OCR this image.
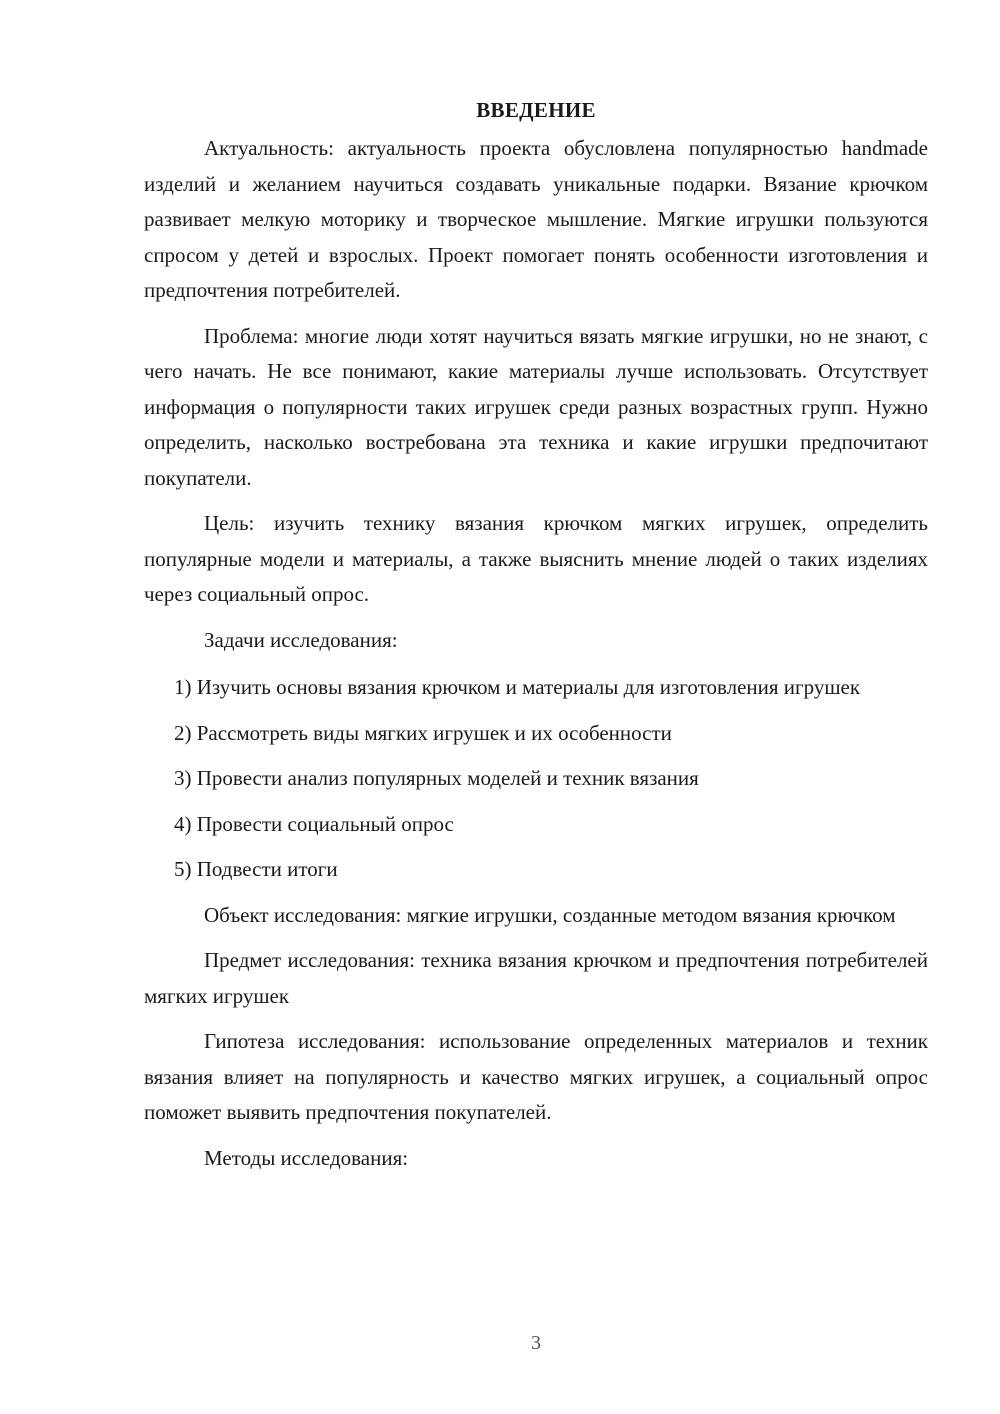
ВВЕДЕНИЕ

Актуальность: актуальность проекта обусловлена популярностью handmade изделий и желанием научиться создавать уникальные подарки. Вязание крючком развивает мелкую моторику и творческое мышление. Мягкие игрушки пользуются спросом у детей и взрослых. Проект помогает понять особенности изготовления и предпочтения потребителей.

Проблема: многие люди хотят научиться вязать мягкие игрушки, но не знают, с чего начать. Не все понимают, какие материалы лучше использовать. Отсутствует информация о популярности таких игрушек среди разных возрастных групп. Нужно определить, насколько востребована эта техника и какие игрушки предпочитают покупатели.

Цель: изучить технику вязания крючком мягких игрушек, определить популярные модели и материалы, а также выяснить мнение людей о таких изделиях через социальный опрос.

Задачи исследования:

1) Изучить основы вязания крючком и материалы для изготовления игрушек

2) Рассмотреть виды мягких игрушек и их особенности

3) Провести анализ популярных моделей и техник вязания

4) Провести социальный опрос

5) Подвести итоги

Объект исследования: мягкие игрушки, созданные методом вязания крючком

Предмет исследования: техника вязания крючком и предпочтения потребителей мягких игрушек

Гипотеза исследования: использование определенных материалов и техник вязания влияет на популярность и качество мягких игрушек, а социальный опрос поможет выявить предпочтения покупателей.

Методы исследования:

3
